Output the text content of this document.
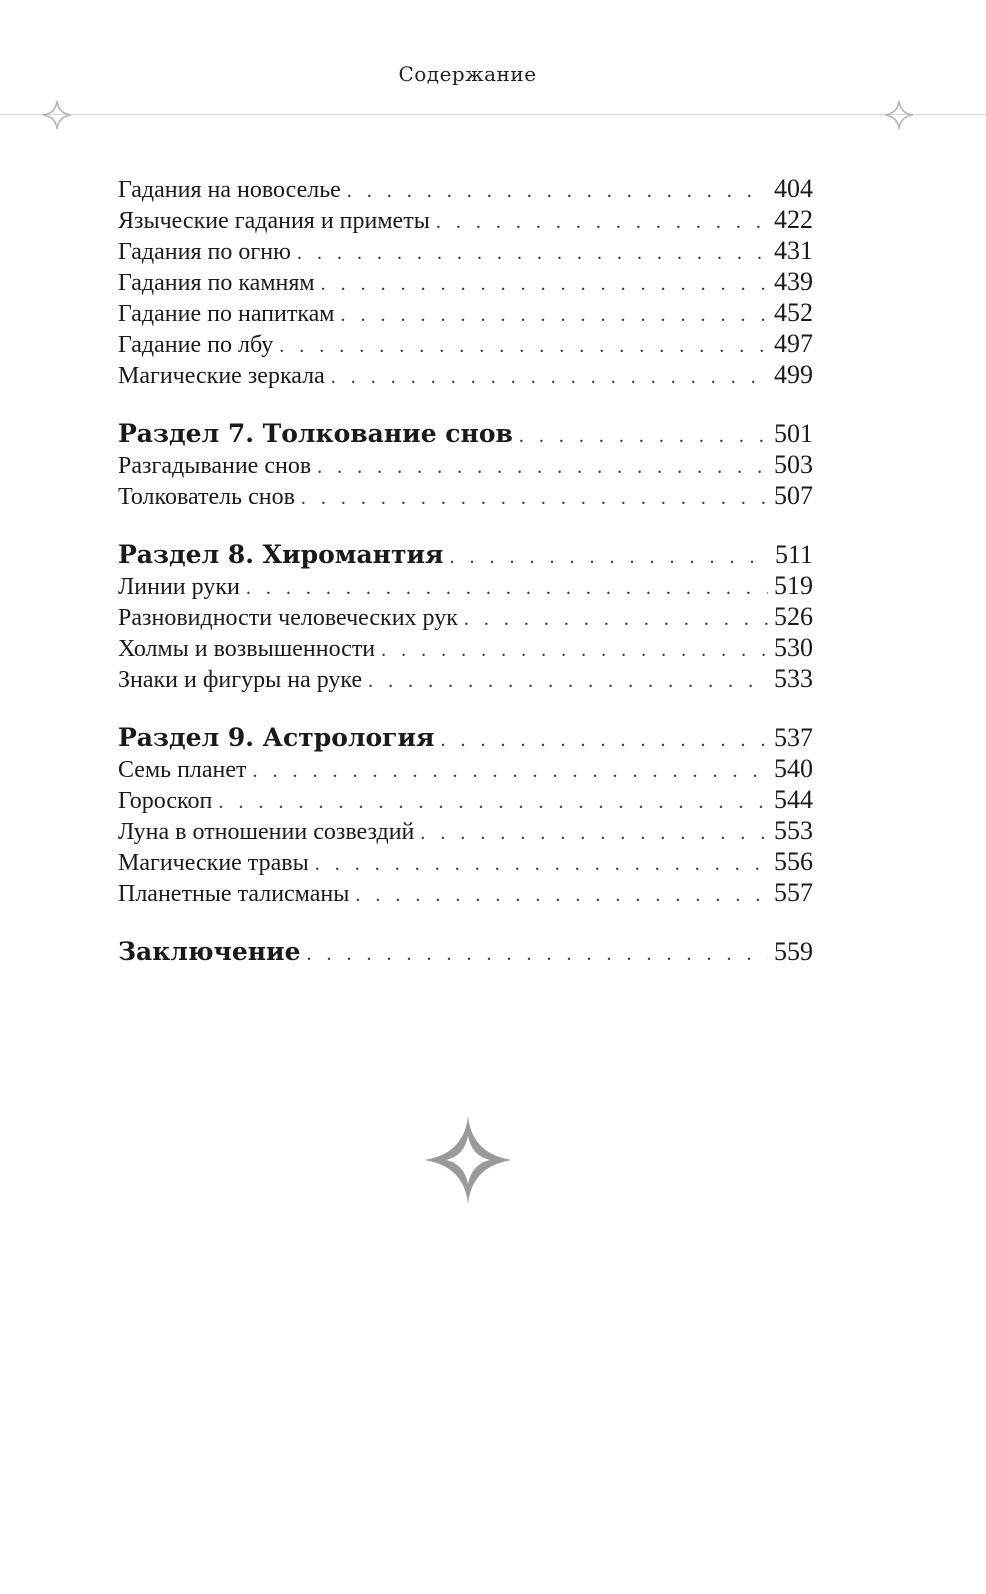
Содержание
Гадания на новоселье . . .	404
Языческие гадания и приметы . . .	422
Гадания по огню . . .	431
Гадания по камням . . .	439
Гадание по напиткам . . .	452
Гадание по лбу . . .	497
Магические зеркала . . .	499
Раздел 7. Толкование снов . . .	501
Разгадывание снов . . .	503
Толкователь снов . . .	507
Раздел 8. Хиромантия . . .	511
Линии руки . . .	519
Разновидности человеческих рук . . .	526
Холмы и возвышенности . . .	530
Знаки и фигуры на руке . . .	533
Раздел 9. Астрология . . .	537
Семь планет . . .	540
Гороскоп . . .	544
Луна в отношении созвездий . . .	553
Магические травы . . .	556
Планетные талисманы . . .	557
Заключение . . .	559
